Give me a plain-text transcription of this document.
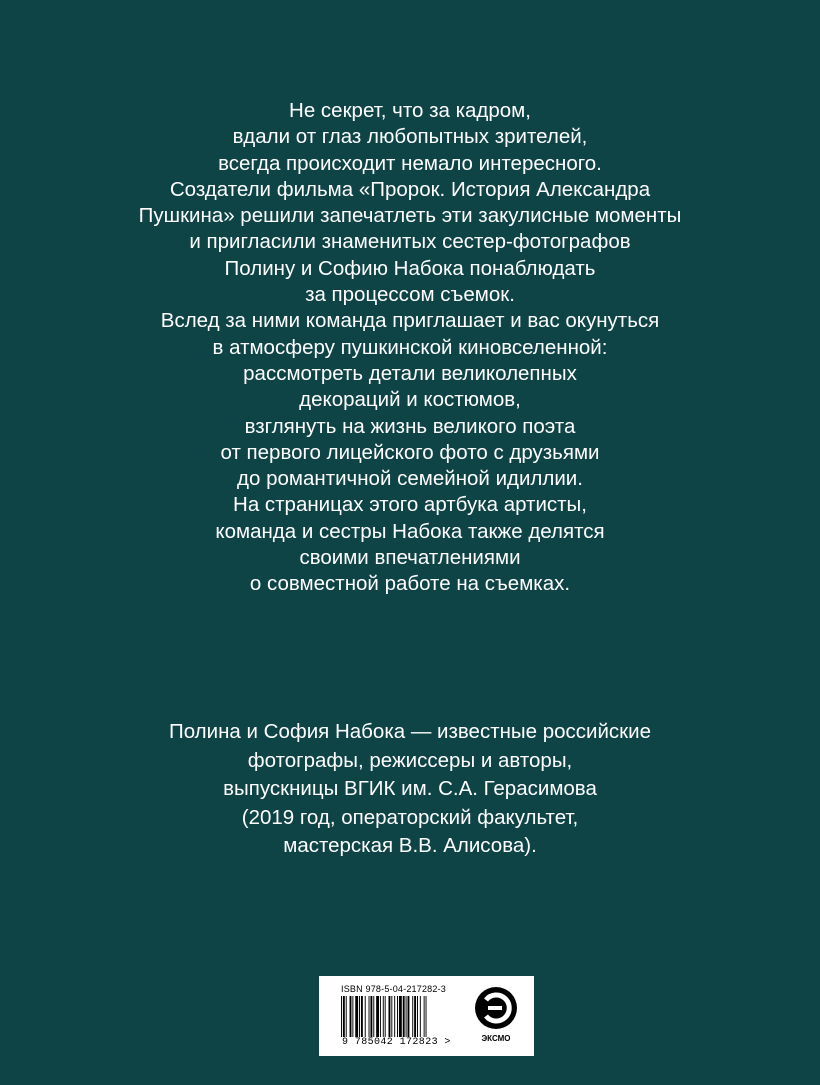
Не секрет, что за кадром,
вдали от глаз любопытных зрителей,
всегда происходит немало интересного.
Создатели фильма «Пророк. История Александра
Пушкина» решили запечатлеть эти закулисные моменты
и пригласили знаменитых сестер-фотографов
Полину и Софию Набока понаблюдать
за процессом съемок.
Вслед за ними команда приглашает и вас окунуться
в атмосферу пушкинской киновселенной:
рассмотреть детали великолепных
декораций и костюмов,
взглянуть на жизнь великого поэта
от первого лицейского фото с друзьями
до романтичной семейной идиллии.
На страницах этого артбука артисты,
команда и сестры Набока также делятся
своими впечатлениями
о совместной работе на съемках.
Полина и София Набока — известные российские
фотографы, режиссеры и авторы,
выпускницы ВГИК им. С.А. Герасимова
(2019 год, операторский факультет,
мастерская В.В. Алисова).
ISBN 978-5-04-217282-3
9 785042 172823 >	ЭКСМО
